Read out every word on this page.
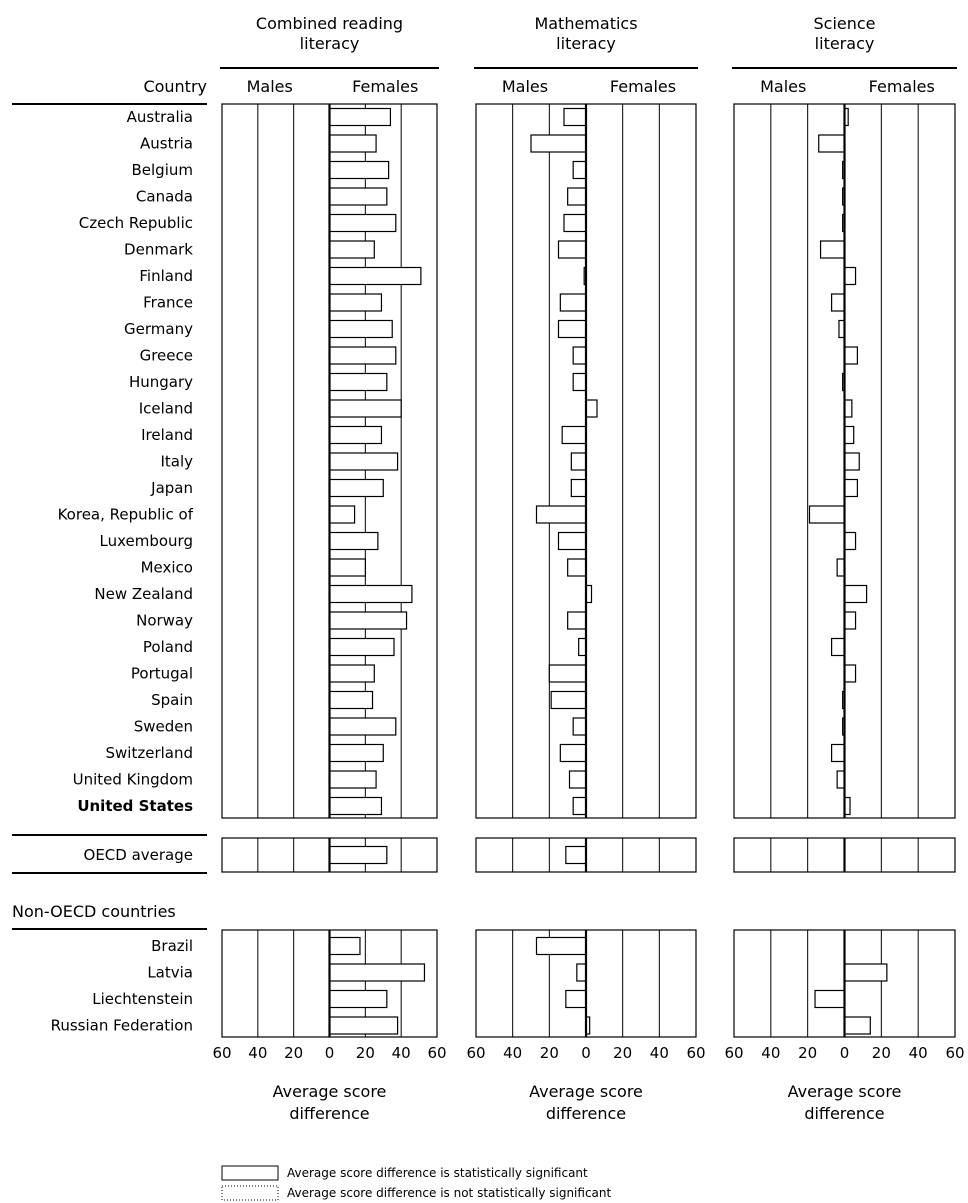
Combined reading
literacy
Males	Females
Mathematics
literacy
Males	Females
Science
literacy
Males	Females
Country
Australia
Austria
Belgium
Canada
Czech Republic
Denmark
Finland
France
Germany
Greece
Hungary
Iceland
Ireland
Italy
Japan
Korea, Republic of
Luxembourg
Mexico
New Zealand
Norway
Poland
Portugal
Spain
Sweden
Switzerland
United Kingdom
United States
OECD average
Non-OECD countries
Brazil
Latvia
Liechtenstein
Russian Federation
60 40 20 0 20 40 60
Average score
difference
60 40 20 0 20 40 60
Average score
difference
60 40 20 0 20 40 60
Average score
difference
Average score difference is statistically significant
Average score difference is not statistically significant
